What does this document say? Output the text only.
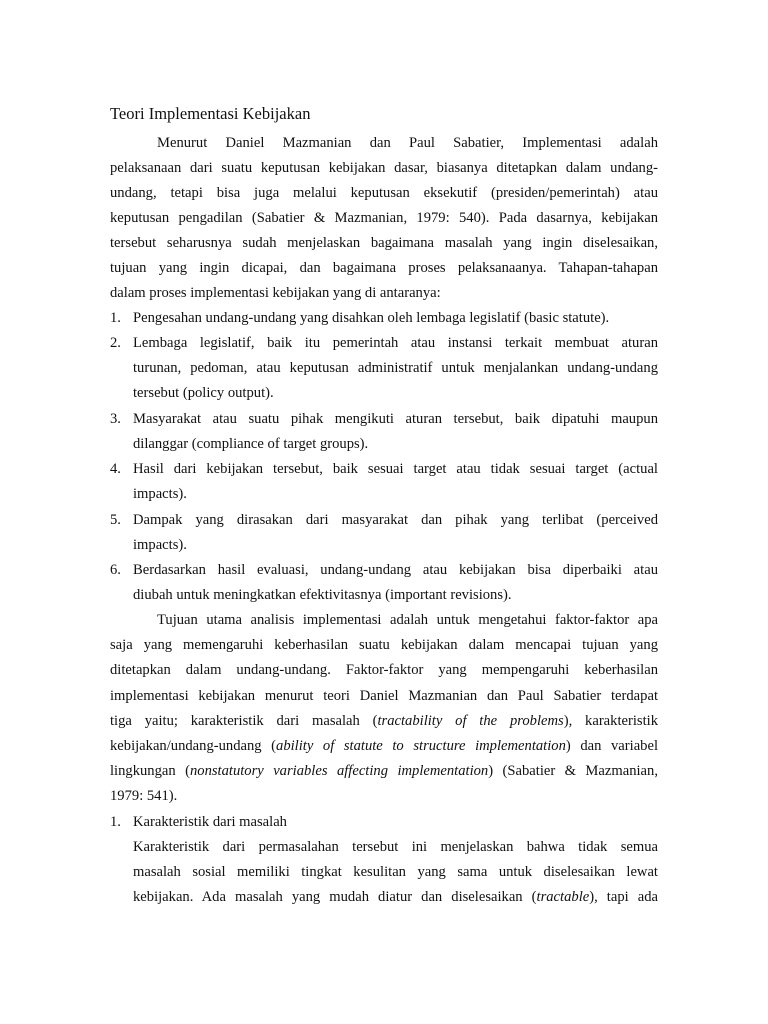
Teori Implementasi Kebijakan
Menurut Daniel Mazmanian dan Paul Sabatier, Implementasi adalah
pelaksanaan dari suatu keputusan kebijakan dasar, biasanya ditetapkan dalam undang-
undang, tetapi bisa juga melalui keputusan eksekutif (presiden/pemerintah) atau
keputusan pengadilan (Sabatier & Mazmanian, 1979: 540). Pada dasarnya, kebijakan
tersebut seharusnya sudah menjelaskan bagaimana masalah yang ingin diselesaikan,
tujuan yang ingin dicapai, dan bagaimana proses pelaksanaanya. Tahapan-tahapan
dalam proses implementasi kebijakan yang di antaranya:
1. Pengesahan undang-undang yang disahkan oleh lembaga legislatif (basic statute).
2. Lembaga legislatif, baik itu pemerintah atau instansi terkait membuat aturan
turunan, pedoman, atau keputusan administratif untuk menjalankan undang-undang
tersebut (policy output).
3. Masyarakat atau suatu pihak mengikuti aturan tersebut, baik dipatuhi maupun
dilanggar (compliance of target groups).
4. Hasil dari kebijakan tersebut, baik sesuai target atau tidak sesuai target (actual
impacts).
5. Dampak yang dirasakan dari masyarakat dan pihak yang terlibat (perceived
impacts).
6. Berdasarkan hasil evaluasi, undang-undang atau kebijakan bisa diperbaiki atau
diubah untuk meningkatkan efektivitasnya (important revisions).
Tujuan utama analisis implementasi adalah untuk mengetahui faktor-faktor apa
saja yang memengaruhi keberhasilan suatu kebijakan dalam mencapai tujuan yang
ditetapkan dalam undang-undang. Faktor-faktor yang mempengaruhi keberhasilan
implementasi kebijakan menurut teori Daniel Mazmanian dan Paul Sabatier terdapat
tiga yaitu; karakteristik dari masalah (tractability of the problems), karakteristik
kebijakan/undang-undang (ability of statute to structure implementation) dan variabel
lingkungan (nonstatutory variables affecting implementation) (Sabatier & Mazmanian,
1979: 541).
1. Karakteristik dari masalah
Karakteristik dari permasalahan tersebut ini menjelaskan bahwa tidak semua
masalah sosial memiliki tingkat kesulitan yang sama untuk diselesaikan lewat
kebijakan. Ada masalah yang mudah diatur dan diselesaikan (tractable), tapi ada
